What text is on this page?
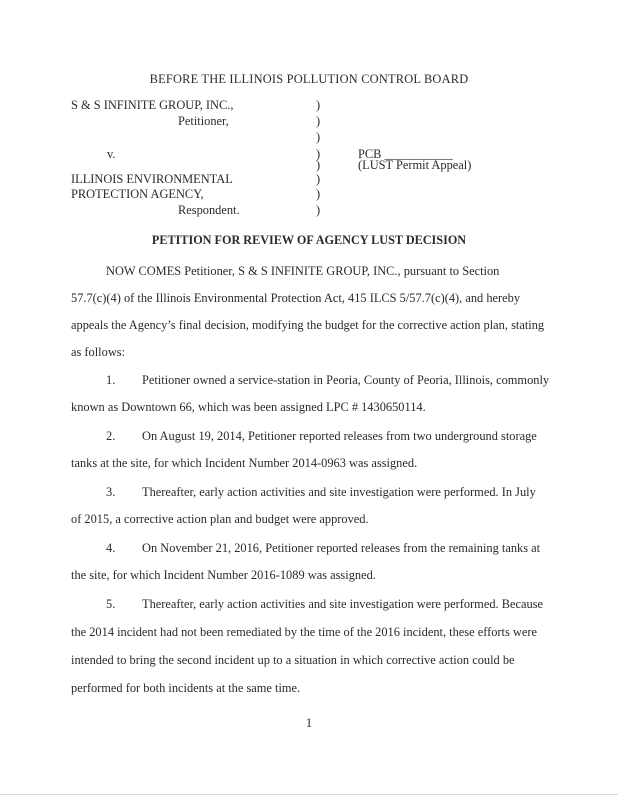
BEFORE THE ILLINOIS POLLUTION CONTROL BOARD
S & S INFINITE GROUP, INC.,
Petitioner,
v.
ILLINOIS ENVIRONMENTAL
PROTECTION AGENCY,
Respondent.
)
)
)
)
)
)
)
)
PCB ___________
(LUST Permit Appeal)
PETITION FOR REVIEW OF AGENCY LUST DECISION
NOW COMES Petitioner, S & S INFINITE GROUP, INC., pursuant to Section
57.7(c)(4) of the Illinois Environmental Protection Act, 415 ILCS 5/57.7(c)(4), and hereby
appeals the Agency’s final decision, modifying the budget for the corrective action plan, stating
as follows:
1. Petitioner owned a service-station in Peoria, County of Peoria, Illinois, commonly
known as Downtown 66, which was been assigned LPC # 1430650114.
2. On August 19, 2014, Petitioner reported releases from two underground storage
tanks at the site, for which Incident Number 2014-0963 was assigned.
3. Thereafter, early action activities and site investigation were performed. In July
of 2015, a corrective action plan and budget were approved.
4. On November 21, 2016, Petitioner reported releases from the remaining tanks at
the site, for which Incident Number 2016-1089 was assigned.
5. Thereafter, early action activities and site investigation were performed. Because
the 2014 incident had not been remediated by the time of the 2016 incident, these efforts were
intended to bring the second incident up to a situation in which corrective action could be
performed for both incidents at the same time.
1
